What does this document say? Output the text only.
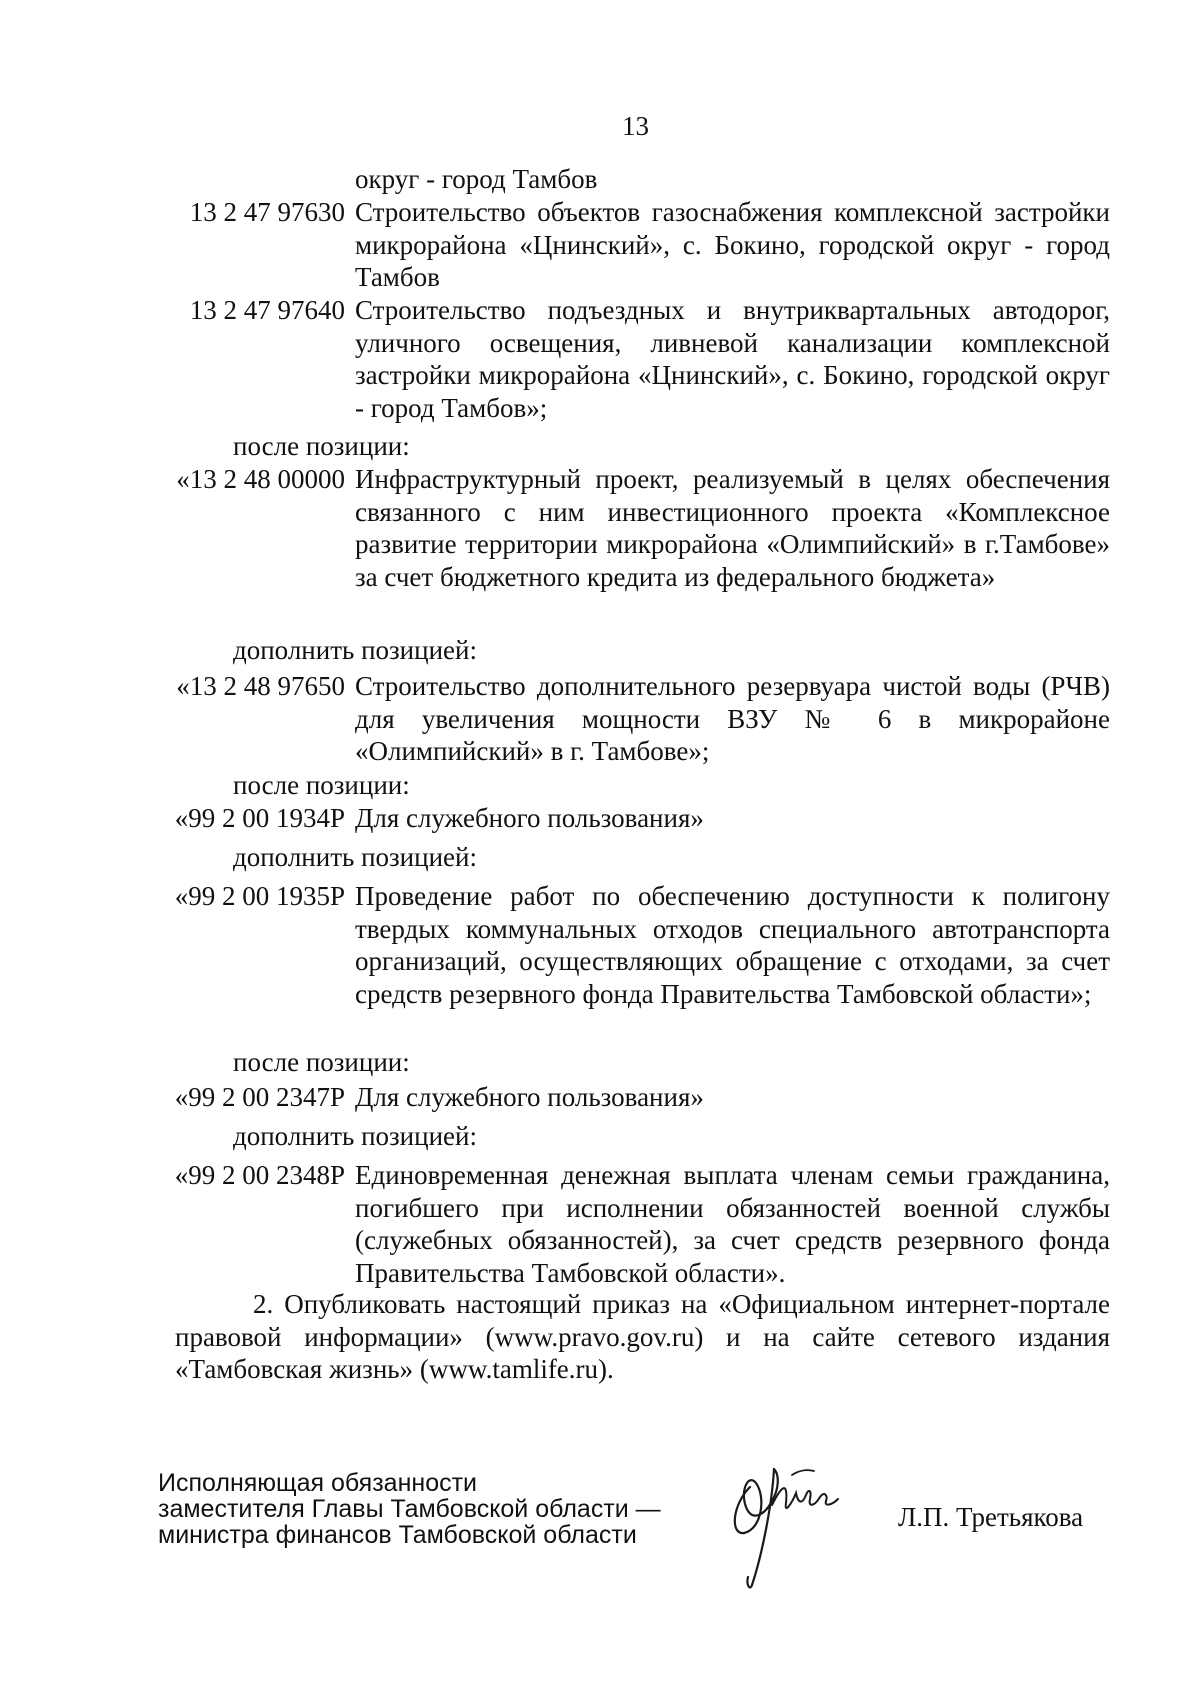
13
округ - город Тамбов
13 2 47 97630 Строительство объектов газоснабжения комплексной застройки микрорайона «Цнинский», с. Бокино, городской округ - город Тамбов
13 2 47 97640 Строительство подъездных и внутриквартальных автодорог, уличного освещения, ливневой канализации комплексной застройки микрорайона «Цнинский», с. Бокино, городской округ - город Тамбов»;
после позиции:
«13 2 48 00000 Инфраструктурный проект, реализуемый в целях обеспечения связанного с ним инвестиционного проекта «Комплексное развитие территории микрорайона «Олимпийский» в г.Тамбове» за счет бюджетного кредита из федерального бюджета»
дополнить позицией:
«13 2 48 97650 Строительство дополнительного резервуара чистой воды (РЧВ) для увеличения мощности ВЗУ № 6 в микрорайоне «Олимпийский» в г. Тамбове»;
после позиции:
«99 2 00 1934Р Для служебного пользования»
дополнить позицией:
«99 2 00 1935Р Проведение работ по обеспечению доступности к полигону твердых коммунальных отходов специального автотранспорта организаций, осуществляющих обращение с отходами, за счет средств резервного фонда Правительства Тамбовской области»;
после позиции:
«99 2 00 2347Р Для служебного пользования»
дополнить позицией:
«99 2 00 2348Р Единовременная денежная выплата членам семьи гражданина, погибшего при исполнении обязанностей военной службы (служебных обязанностей), за счет средств резервного фонда Правительства Тамбовской области».
2. Опубликовать настоящий приказ на «Официальном интернет-портале правовой информации» (www.pravo.gov.ru) и на сайте сетевого издания «Тамбовская жизнь» (www.tamlife.ru).
Исполняющая обязанности
заместителя Главы Тамбовской области —
министра финансов Тамбовской области
Л.П. Третьякова
